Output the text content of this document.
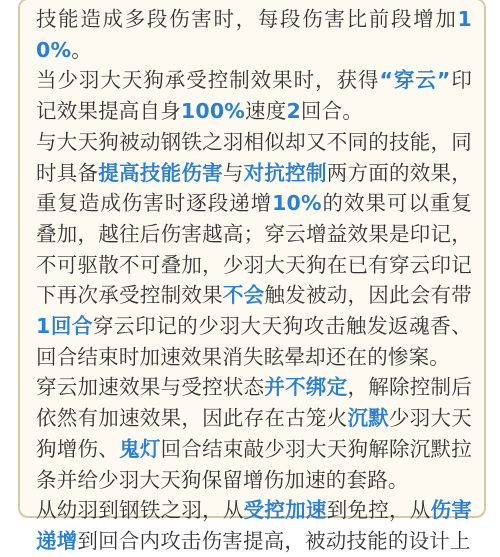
技能造成多段伤害时，每段伤害比前段增加10%。

当少羽大天狗承受控制效果时，获得“穿云”印记效果提高自身100%速度2回合。

与大天狗被动钢铁之羽相似却又不同的技能，同时具备提高技能伤害与对抗控制两方面的效果，重复造成伤害时逐段递增10%的效果可以重复叠加，越往后伤害越高；穿云增益效果是印记，不可驱散不可叠加，少羽大天狗在已有穿云印记下再次承受控制效果不会触发被动，因此会有带1回合穿云印记的少羽大天狗攻击触发返魂香、回合结束时加速效果消失眩晕却还在的惨案。

穿云加速效果与受控状态并不绑定，解除控制后依然有加速效果，因此存在古笼火沉默少羽大天狗增伤、鬼灯回合结束敲少羽大天狗解除沉默拉条并给少羽大天狗保留增伤加速的套路。

从幼羽到钢铁之羽，从受控加速到免控，从伤害递增到回合内攻击伤害提高，被动技能的设计上
